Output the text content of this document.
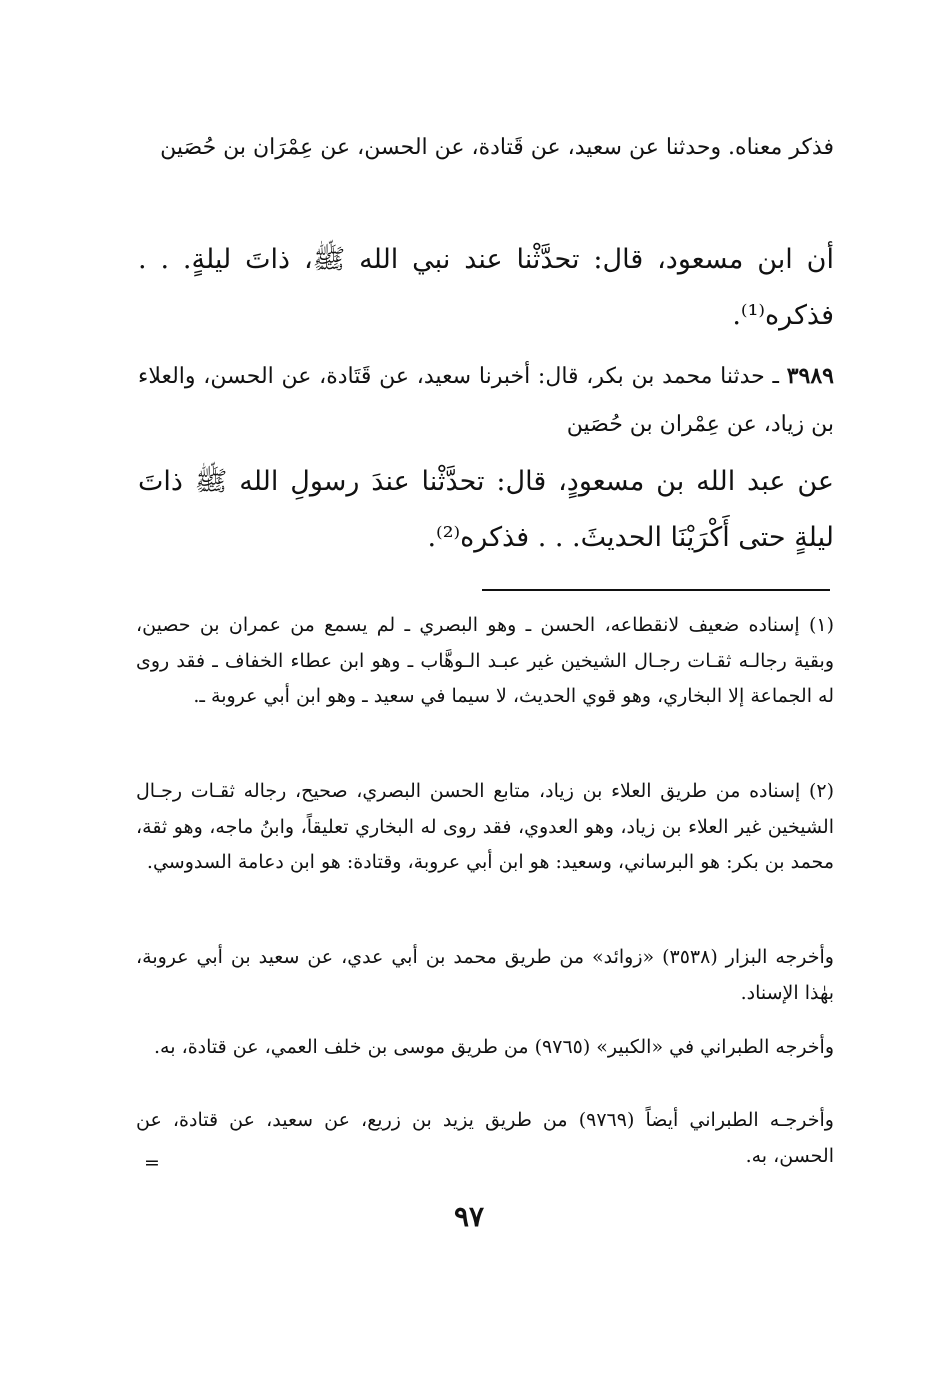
فذكر معناه. وحدثنا عن سعيد، عن قَتادة، عن الحسن، عن عِمْرَان بن حُصَين

أن ابن مسعود، قال: تحدَّثْنا عند نبي الله ﷺ، ذاتَ ليلةٍ. . . فذكره⁽¹⁾.

٣٩٨٩ ـ حدثنا محمد بن بكر، قال: أخبرنا سعيد، عن قَتَادة، عن الحسن، والعلاء بن زياد، عن عِمْران بن حُصَين

عن عبد الله بن مسعودٍ، قال: تحدَّثْنا عندَ رسولِ الله ﷺ ذاتَ ليلةٍ حتى أَكْرَيْنَا الحديثَ. . . فذكره⁽²⁾.

(١) إسناده ضعيف لانقطاعه، الحسن ـ وهو البصري ـ لم يسمع من عمران بن حصين، وبقية رجالـه ثقـات رجـال الشيخين غير عبـد الـوهَّاب ـ وهو ابن عطاء الخفاف ـ فقد روى له الجماعة إلا البخاري، وهو قوي الحديث، لا سيما في سعيد ـ وهو ابن أبي عروبة ـ.

(٢) إسناده من طريق العلاء بن زياد، متابع الحسن البصري، صحيح، رجاله ثقـات رجـال الشيخين غير العلاء بن زياد، وهو العدوي، فقد روى له البخاري تعليقاً، وابنُ ماجه، وهو ثقة، محمد بن بكر: هو البرساني، وسعيد: هو ابن أبي عروبة، وقتادة: هو ابن دعامة السدوسي.

وأخرجه البزار (٣٥٣٨) «زوائد» من طريق محمد بن أبي عدي، عن سعيد بن أبي عروبة، بهٰذا الإسناد.

وأخرجه الطبراني في «الكبير» (٩٧٦٥) من طريق موسى بن خلف العمي، عن قتادة، به.

وأخرجـه الطبراني أيضاً (٩٧٦٩) من طريق يزيد بن زريع، عن سعيد، عن قتادة، عن الحسن، به.

=
٩٧
